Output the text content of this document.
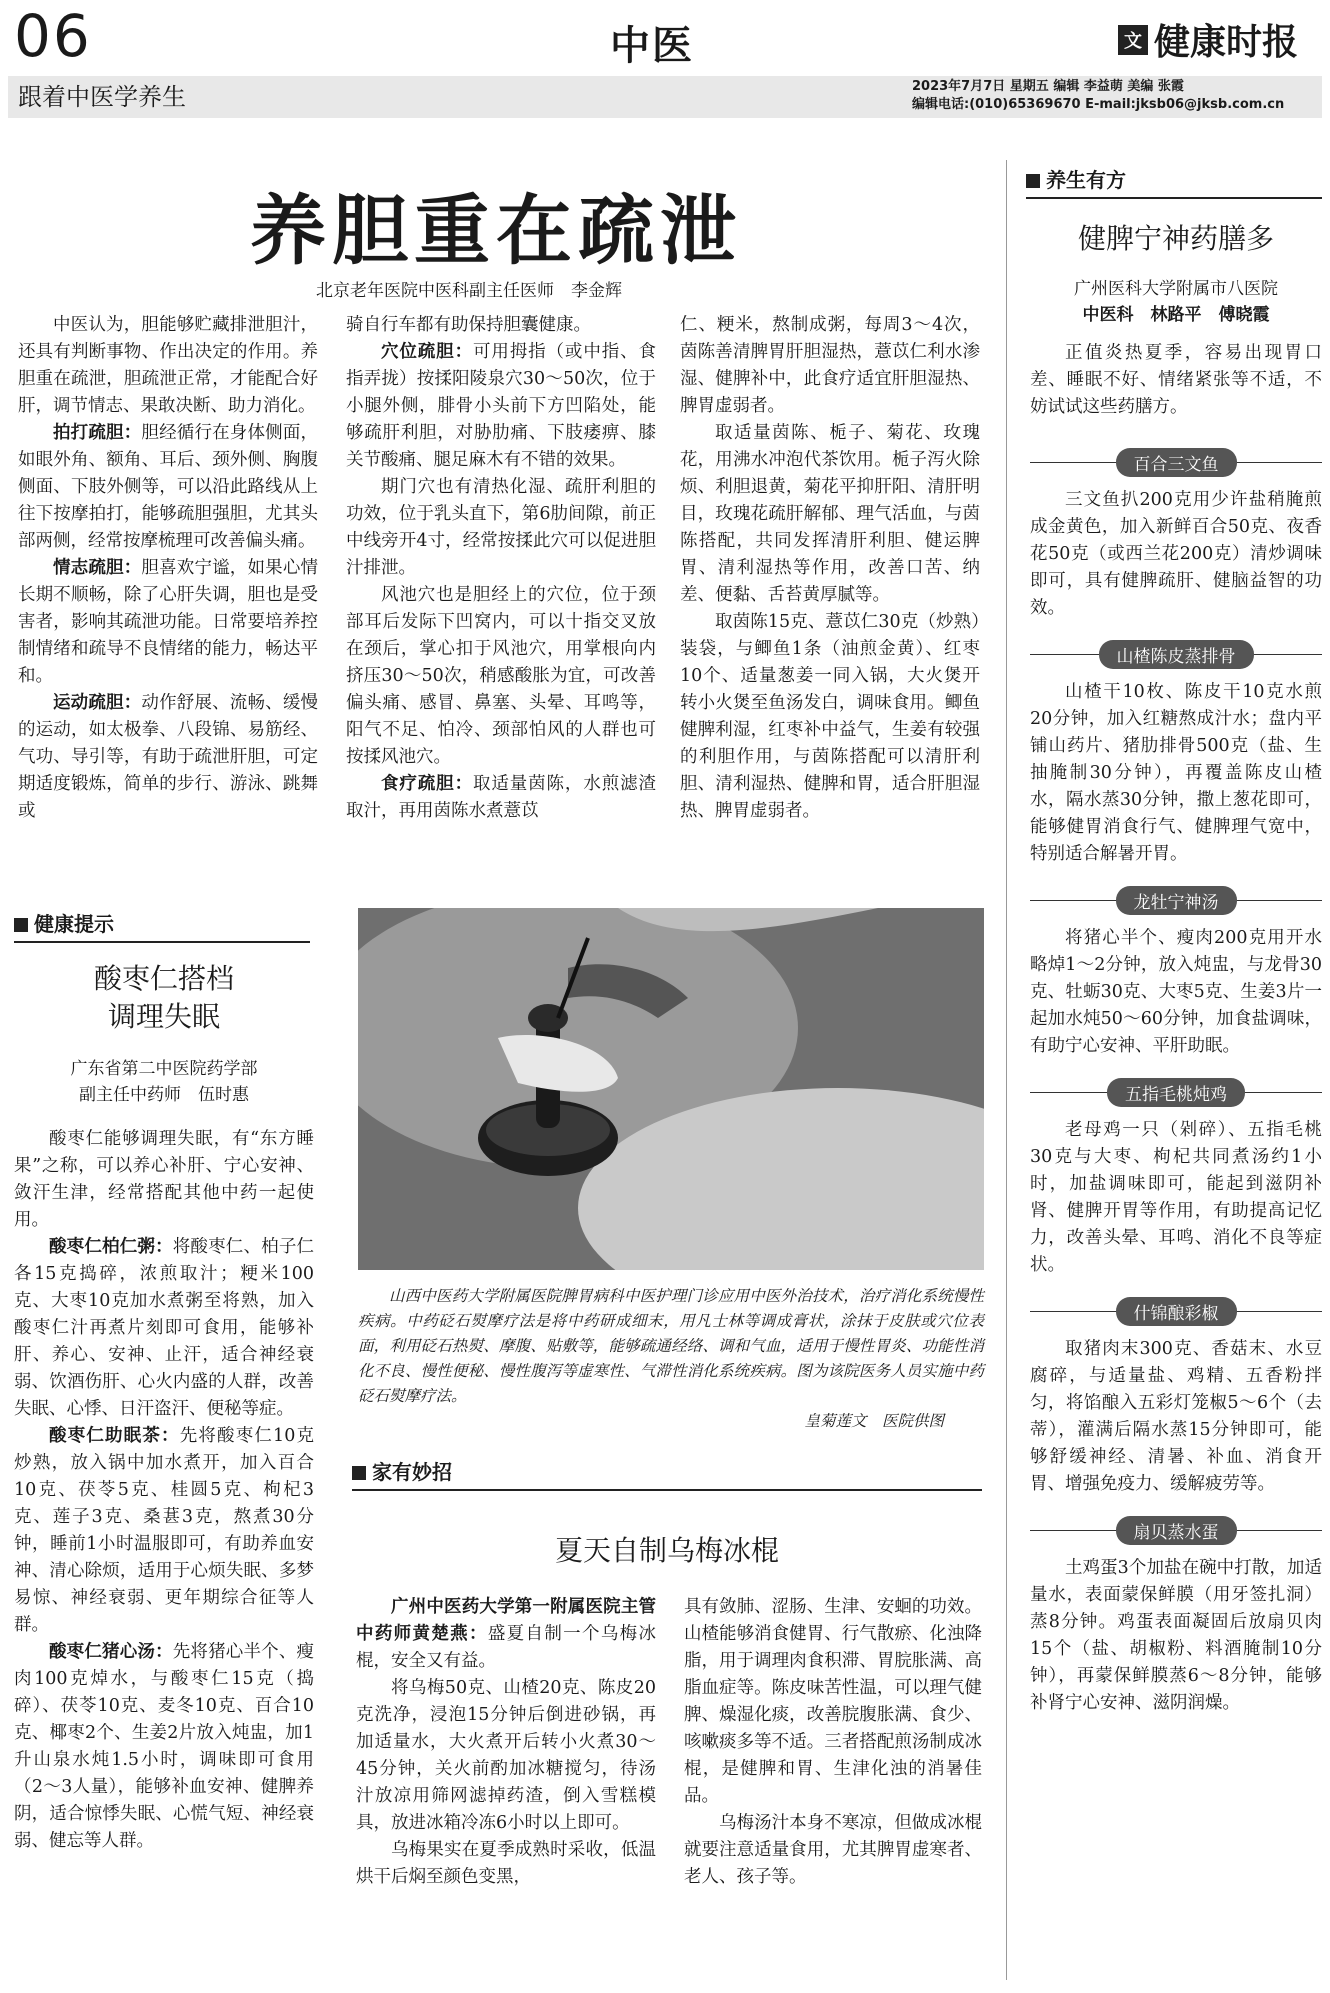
06	中医	文 健康时报
跟着中医学养生	2023年7月7日 星期五 编辑 李益萌 美编 张霞
编辑电话:(010)65369670 E-mail:jksb06@jksb.com.cn
养胆重在疏泄
北京老年医院中医科副主任医师　李金辉

中医认为，胆能够贮藏排泄胆汁，还具有判断事物、作出决定的作用。养胆重在疏泄，胆疏泄正常，才能配合好肝，调节情志、果敢决断、助力消化。

拍打疏胆：胆经循行在身体侧面，如眼外角、额角、耳后、颈外侧、胸腹侧面、下肢外侧等，可以沿此路线从上往下按摩拍打，能够疏胆强胆，尤其头部两侧，经常按摩梳理可改善偏头痛。

情志疏胆：胆喜欢宁谧，如果心情长期不顺畅，除了心肝失调，胆也是受害者，影响其疏泄功能。日常要培养控制情绪和疏导不良情绪的能力，畅达平和。

运动疏胆：动作舒展、流畅、缓慢的运动，如太极拳、八段锦、易筋经、气功、导引等，有助于疏泄肝胆，可定期适度锻炼，简单的步行、游泳、跳舞或

骑自行车都有助保持胆囊健康。

穴位疏胆：可用拇指（或中指、食指弄拢）按揉阳陵泉穴30～50次，位于小腿外侧，腓骨小头前下方凹陷处，能够疏肝利胆，对胁肋痛、下肢痿痹、膝关节酸痛、腿足麻木有不错的效果。

期门穴也有清热化湿、疏肝利胆的功效，位于乳头直下，第6肋间隙，前正中线旁开4寸，经常按揉此穴可以促进胆汁排泄。

风池穴也是胆经上的穴位，位于颈部耳后发际下凹窝内，可以十指交叉放在颈后，掌心扣于风池穴，用掌根向内挤压30～50次，稍感酸胀为宜，可改善偏头痛、感冒、鼻塞、头晕、耳鸣等，阳气不足、怕冷、颈部怕风的人群也可按揉风池穴。

食疗疏胆：取适量茵陈，水煎滤渣取汁，再用茵陈水煮薏苡

仁、粳米，熬制成粥，每周3～4次，茵陈善清脾胃肝胆湿热，薏苡仁利水渗湿、健脾补中，此食疗适宜肝胆湿热、脾胃虚弱者。

取适量茵陈、栀子、菊花、玫瑰花，用沸水冲泡代茶饮用。栀子泻火除烦、利胆退黄，菊花平抑肝阳、清肝明目，玫瑰花疏肝解郁、理气活血，与茵陈搭配，共同发挥清肝利胆、健运脾胃、清利湿热等作用，改善口苦、纳差、便黏、舌苔黄厚腻等。

取茵陈15克、薏苡仁30克（炒熟）装袋，与鲫鱼1条（油煎金黄）、红枣10个、适量葱姜一同入锅，大火煲开转小火煲至鱼汤发白，调味食用。鲫鱼健脾利湿，红枣补中益气，生姜有较强的利胆作用，与茵陈搭配可以清肝利胆、清利湿热、健脾和胃，适合肝胆湿热、脾胃虚弱者。

健康提示
酸枣仁搭档
调理失眠
广东省第二中医院药学部
副主任中药师　伍时惠

酸枣仁能够调理失眠，有“东方睡果”之称，可以养心补肝、宁心安神、敛汗生津，经常搭配其他中药一起使用。

酸枣仁柏仁粥：将酸枣仁、柏子仁各15克捣碎，浓煎取汁；粳米100克、大枣10克加水煮粥至将熟，加入酸枣仁汁再煮片刻即可食用，能够补肝、养心、安神、止汗，适合神经衰弱、饮酒伤肝、心火内盛的人群，改善失眠、心悸、日汗盗汗、便秘等症。

酸枣仁助眠茶：先将酸枣仁10克炒熟，放入锅中加水煮开，加入百合10克、茯苓5克、桂圆5克、枸杞3克、莲子3克、桑葚3克，熬煮30分钟，睡前1小时温服即可，有助养血安神、清心除烦，适用于心烦失眠、多梦易惊、神经衰弱、更年期综合征等人群。

酸枣仁猪心汤：先将猪心半个、瘦肉100克焯水，与酸枣仁15克（捣碎）、茯苓10克、麦冬10克、百合10克、椰枣2个、生姜2片放入炖盅，加1升山泉水炖1.5小时，调味即可食用（2～3人量），能够补血安神、健脾养阴，适合惊悸失眠、心慌气短、神经衰弱、健忘等人群。

山西中医药大学附属医院脾胃病科中医护理门诊应用中医外治技术，治疗消化系统慢性疾病。中药砭石熨摩疗法是将中药研成细末，用凡士林等调成膏状，涂抹于皮肤或穴位表面，利用砭石热熨、摩腹、贴敷等，能够疏通经络、调和气血，适用于慢性胃炎、功能性消化不良、慢性便秘、慢性腹泻等虚寒性、气滞性消化系统疾病。图为该院医务人员实施中药砭石熨摩疗法。
皇菊莲文　医院供图
家有妙招
夏天自制乌梅冰棍

广州中医药大学第一附属医院主管中药师黄楚燕：盛夏自制一个乌梅冰棍，安全又有益。

将乌梅50克、山楂20克、陈皮20克洗净，浸泡15分钟后倒进砂锅，再加适量水，大火煮开后转小火煮30～45分钟，关火前酌加冰糖搅匀，待汤汁放凉用筛网滤掉药渣，倒入雪糕模具，放进冰箱冷冻6小时以上即可。

乌梅果实在夏季成熟时采收，低温烘干后焖至颜色变黑，

具有敛肺、涩肠、生津、安蛔的功效。山楂能够消食健胃、行气散瘀、化浊降脂，用于调理肉食积滞、胃脘胀满、高脂血症等。陈皮味苦性温，可以理气健脾、燥湿化痰，改善脘腹胀满、食少、咳嗽痰多等不适。三者搭配煎汤制成冰棍，是健脾和胃、生津化浊的消暑佳品。

乌梅汤汁本身不寒凉，但做成冰棍就要注意适量食用，尤其脾胃虚寒者、老人、孩子等。

养生有方
健脾宁神药膳多
广州医科大学附属市八医院
中医科　林路平　傅晓霞

正值炎热夏季，容易出现胃口差、睡眠不好、情绪紧张等不适，不妨试试这些药膳方。

百合三文鱼
三文鱼扒200克用少许盐稍腌煎成金黄色，加入新鲜百合50克、夜香花50克（或西兰花200克）清炒调味即可，具有健脾疏肝、健脑益智的功效。
山楂陈皮蒸排骨
山楂干10枚、陈皮干10克水煎20分钟，加入红糖熬成汁水；盘内平铺山药片、猪肋排骨500克（盐、生抽腌制30分钟），再覆盖陈皮山楂水，隔水蒸30分钟，撒上葱花即可，能够健胃消食行气、健脾理气宽中，特别适合解暑开胃。
龙牡宁神汤
将猪心半个、瘦肉200克用开水略焯1～2分钟，放入炖盅，与龙骨30克、牡蛎30克、大枣5克、生姜3片一起加水炖50～60分钟，加食盐调味，有助宁心安神、平肝助眠。
五指毛桃炖鸡
老母鸡一只（剁碎）、五指毛桃30克与大枣、枸杞共同煮汤约1小时，加盐调味即可，能起到滋阴补肾、健脾开胃等作用，有助提高记忆力，改善头晕、耳鸣、消化不良等症状。
什锦酿彩椒
取猪肉末300克、香菇末、水豆腐碎，与适量盐、鸡精、五香粉拌匀，将馅酿入五彩灯笼椒5～6个（去蒂），灌满后隔水蒸15分钟即可，能够舒缓神经、清暑、补血、消食开胃、增强免疫力、缓解疲劳等。
扇贝蒸水蛋
土鸡蛋3个加盐在碗中打散，加适量水，表面蒙保鲜膜（用牙签扎洞）蒸8分钟。鸡蛋表面凝固后放扇贝肉15个（盐、胡椒粉、料酒腌制10分钟），再蒙保鲜膜蒸6～8分钟，能够补肾宁心安神、滋阴润燥。
